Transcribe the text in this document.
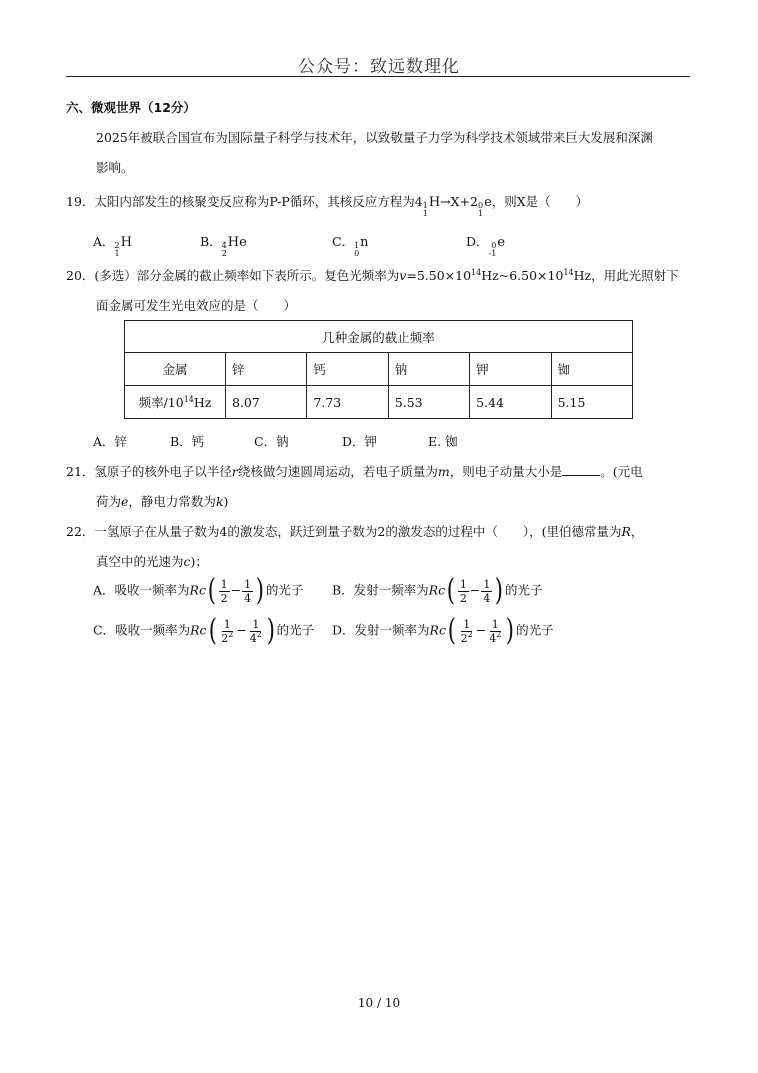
公众号：致远数理化
六、微观世界（12分）
2025年被联合国宣布为国际量子科学与技术年，以致敬量子力学为科学技术领域带来巨大发展和深渊
影响。
19．太阳内部发生的核聚变反应称为P-P循环，其核反应方程为4 1
1
H→X+2 0
1
e，则X是（　　）
A． 2
1
H	B． 4
2
He	C． 1
0
n	D． 0
-1
e
20．(多选）部分金属的截止频率如下表所示。复色光频率为$v=5.50\times 10^{14}Hz\sim 6.50\times 10^{14}Hz$，用此光照射下
面金属可发生光电效应的是（　　）
几种金属的截止频率					
金属	锌	钙	钠	钾	铷
频率$/10^{14}Hz$	8.07	7.73	5.53	5.44	5.15
A．锌	B．钙	C．钠	D．钾	E. 铷
21．氢原子的核外电子以半径r绕核做匀速圆周运动，若电子质量为m，则电子动量大小是	。(元电
荷为e，静电力常数为k)
22．一氢原子在从量子数为4的激发态，跃迁到量子数为2的激发态的过程中（　　），(里伯德常量为R，
真空中的光速为c)；
A．吸收一频率为$Rc( \frac{1}{2} - \frac{1}{4}$ ) 的光子 B．发射一频率为$Rc( \frac{1}{2} - \frac{1}{4}$ ) 的光子
C．吸收一频率为$Rc( \frac{1}{2^2} - \frac{1}{4^2}$ ) 的光子 D．发射一频率为$Rc( \frac{1}{2^2} - \frac{1}{4^2}$ ) 的光子
10 / 10
